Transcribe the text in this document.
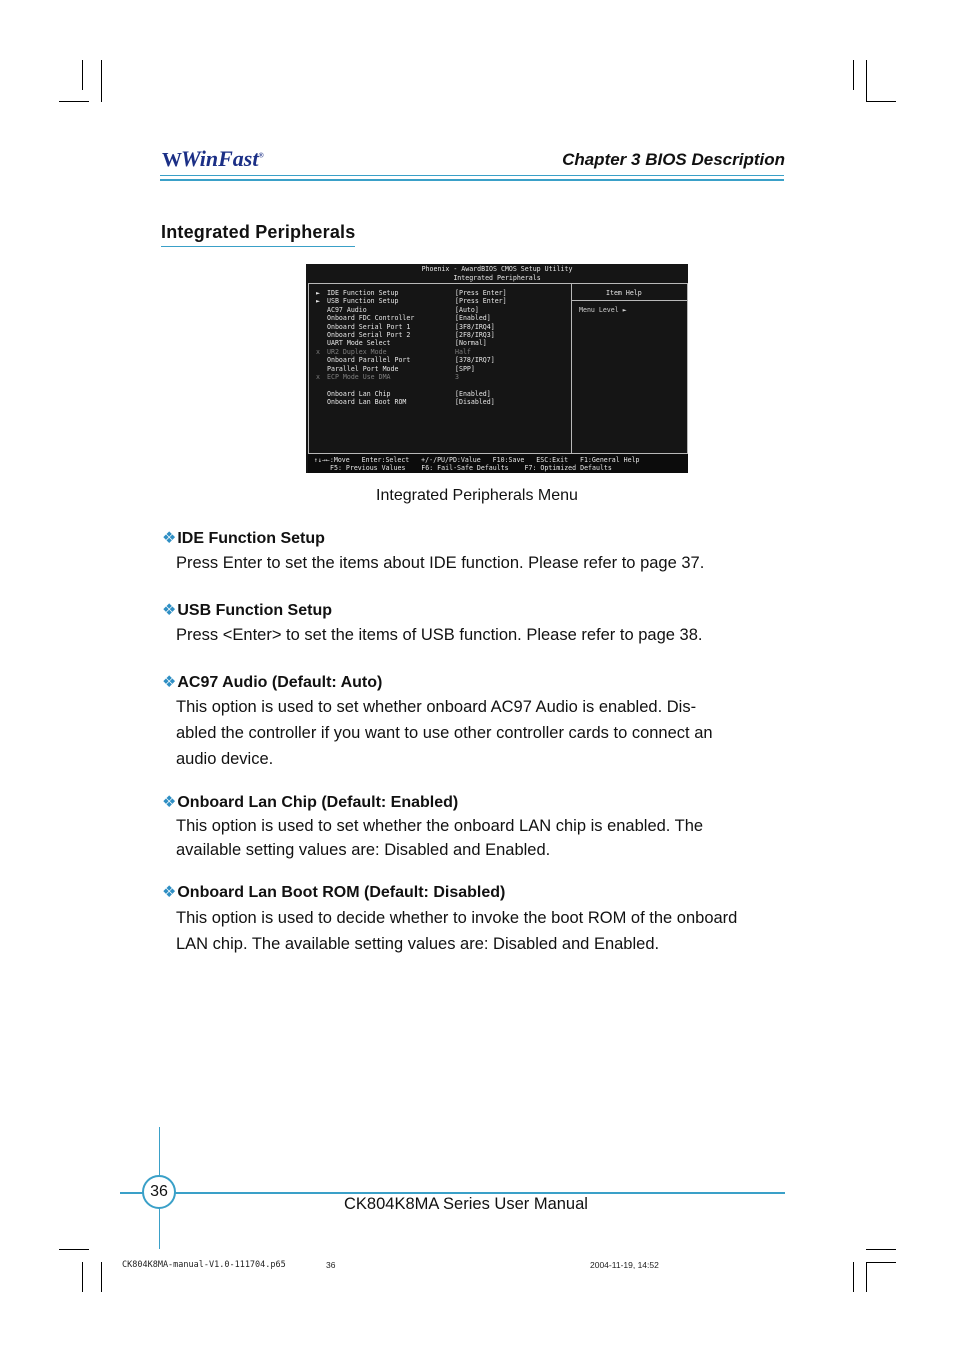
WWinFast®	Chapter 3 BIOS Description
Integrated Peripherals
Phoenix - AwardBIOS CMOS Setup Utility
Integrated Peripherals
►	IDE Function Setup	[Press Enter]
►	USB Function Setup	[Press Enter]
AC97 Audio	[Auto]
Onboard FDC Controller	[Enabled]
Onboard Serial Port 1	[3F8/IRQ4]
Onboard Serial Port 2	[2F8/IRQ3]
UART Mode Select	[Normal]
x	UR2 Duplex Mode	Half
Onboard Parallel Port	[378/IRQ7]
Parallel Port Mode	[SPP]
x	ECP Mode Use DMA	3
Onboard Lan Chip	[Enabled]
Onboard Lan Boot ROM	[Disabled]
Item Help
Menu Level ►
↑↓→←:Move   Enter:Select   +/-/PU/PD:Value   F10:Save   ESC:Exit   F1:General Help
F5: Previous Values    F6: Fail-Safe Defaults    F7: Optimized Defaults
Integrated Peripherals Menu
❖IDE Function Setup
Press Enter to set the items about IDE function. Please refer to page 37.
❖USB Function Setup
Press <Enter> to set the items of USB function. Please refer to page 38.
❖AC97 Audio (Default: Auto)
This option is used to set whether onboard AC97 Audio is enabled. Dis-
abled the controller if you want to use other controller cards to connect an
audio device.
❖Onboard Lan Chip (Default: Enabled)
This option is used to set whether the onboard LAN chip is enabled. The
available setting values are: Disabled and Enabled.
❖Onboard Lan Boot ROM (Default: Disabled)
This option is used to decide whether to invoke the boot ROM of the onboard
LAN chip. The available setting values are: Disabled and Enabled.
36
CK804K8MA Series User Manual
CK804K8MA-manual-V1.0-111704.p65	36	2004-11-19, 14:52
